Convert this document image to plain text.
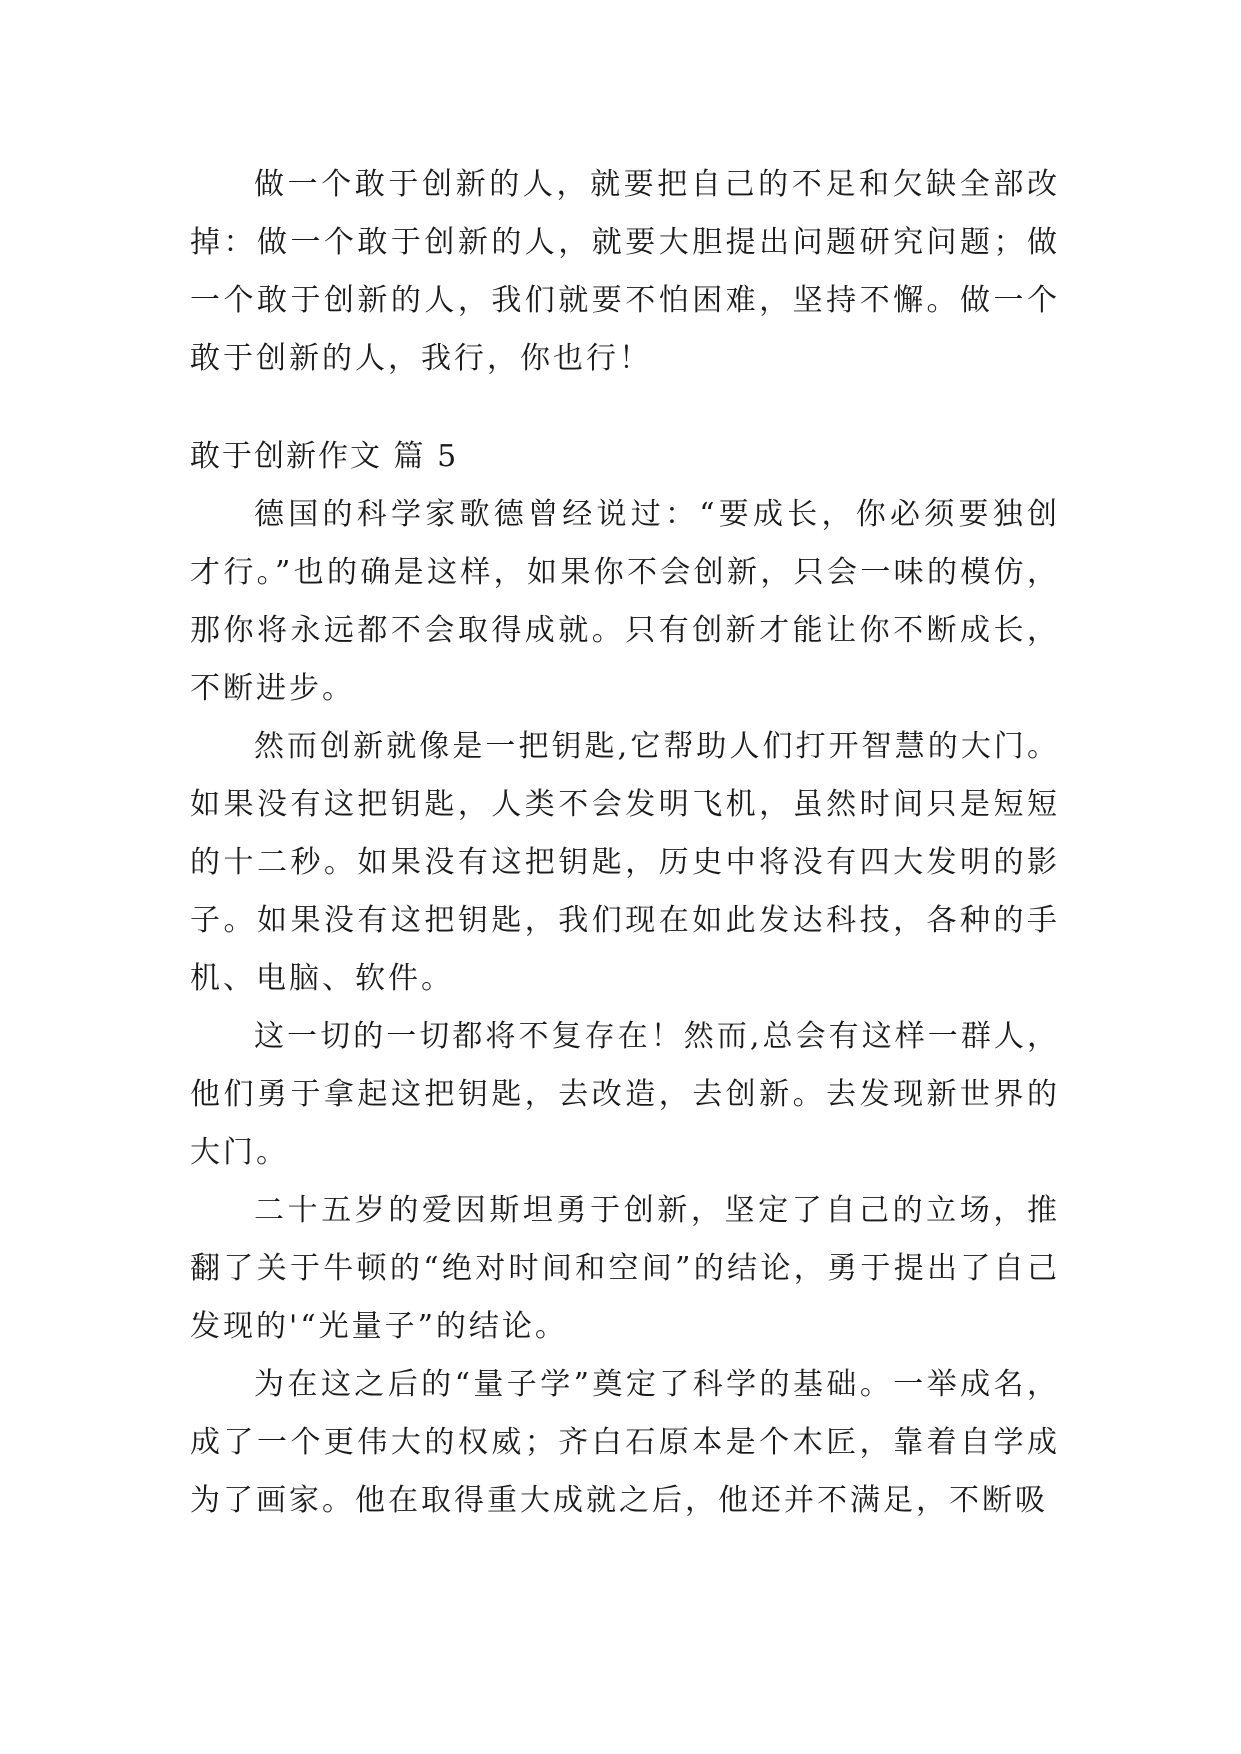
做一个敢于创新的人，就要把自己的不足和欠缺全部改掉：做一个敢于创新的人，就要大胆提出问题研究问题；做一个敢于创新的人，我们就要不怕困难，坚持不懈。做一个敢于创新的人，我行，你也行！

敢于创新作文 篇 5

德国的科学家歌德曾经说过：“要成长，你必须要独创才行。”也的确是这样，如果你不会创新，只会一味的模仿，那你将永远都不会取得成就。只有创新才能让你不断成长，不断进步。

然而创新就像是一把钥匙,它帮助人们打开智慧的大门。如果没有这把钥匙，人类不会发明飞机，虽然时间只是短短的十二秒。如果没有这把钥匙，历史中将没有四大发明的影子。如果没有这把钥匙，我们现在如此发达科技，各种的手机、电脑、软件。

这一切的一切都将不复存在！然而,总会有这样一群人，他们勇于拿起这把钥匙，去改造，去创新。去发现新世界的大门。

二十五岁的爱因斯坦勇于创新，坚定了自己的立场，推翻了关于牛顿的“绝对时间和空间”的结论，勇于提出了自己发现的'“光量子”的结论。

为在这之后的“量子学”奠定了科学的基础。一举成名，成了一个更伟大的权威；齐白石原本是个木匠，靠着自学成为了画家。他在取得重大成就之后，他还并不满足，不断吸
